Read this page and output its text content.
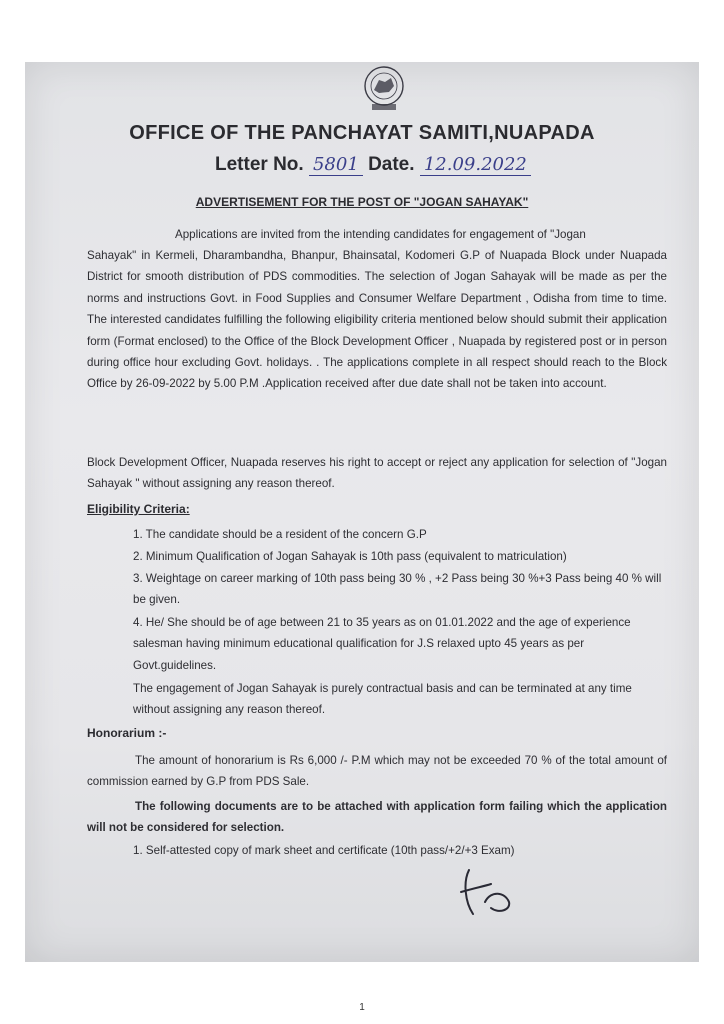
OFFICE OF THE PANCHAYAT SAMITI,NUAPADA
Letter No. 5801 Date. 12.09.2022
ADVERTISEMENT FOR THE POST OF "JOGAN SAHAYAK"
Applications are invited from the intending candidates for engagement of "Jogan
Sahayak" in Kermeli, Dharambandha, Bhanpur, Bhainsatal, Kodomeri G.P of Nuapada Block under Nuapada District for smooth distribution of PDS commodities. The selection of Jogan Sahayak will be made as per the norms and instructions Govt. in Food Supplies and Consumer Welfare Department , Odisha from time to time. The interested candidates fulfilling the following eligibility criteria mentioned below should submit their application form (Format enclosed) to the Office of the Block Development Officer , Nuapada by registered post or in person during office hour excluding Govt. holidays. . The applications complete in all respect should reach to the Block Office by 26-09-2022 by 5.00 P.M .Application received after due date shall not be taken into account.
Block Development Officer, Nuapada reserves his right to accept or reject any application for selection of "Jogan Sahayak " without assigning any reason thereof.
Eligibility Criteria:
1. The candidate should be a resident of the concern G.P
2. Minimum Qualification of Jogan Sahayak is 10th pass (equivalent to matriculation)
3. Weightage on career marking of 10th pass being 30 % , +2 Pass being 30 %+3 Pass being 40 % will be given.
4. He/ She should be of age between 21 to 35 years as on 01.01.2022 and the age of experience salesman having minimum educational qualification for J.S relaxed upto 45 years as per Govt.guidelines.
The engagement of Jogan Sahayak is purely contractual basis and can be terminated at any time without assigning any reason thereof.
Honorarium :-
The amount of honorarium is Rs 6,000 /- P.M which may not be exceeded 70 % of the total amount of commission earned by G.P from PDS Sale.
The following documents are to be attached with application form failing which the application will not be considered for selection.
1. Self-attested copy of mark sheet and certificate (10th pass/+2/+3 Exam)
1
